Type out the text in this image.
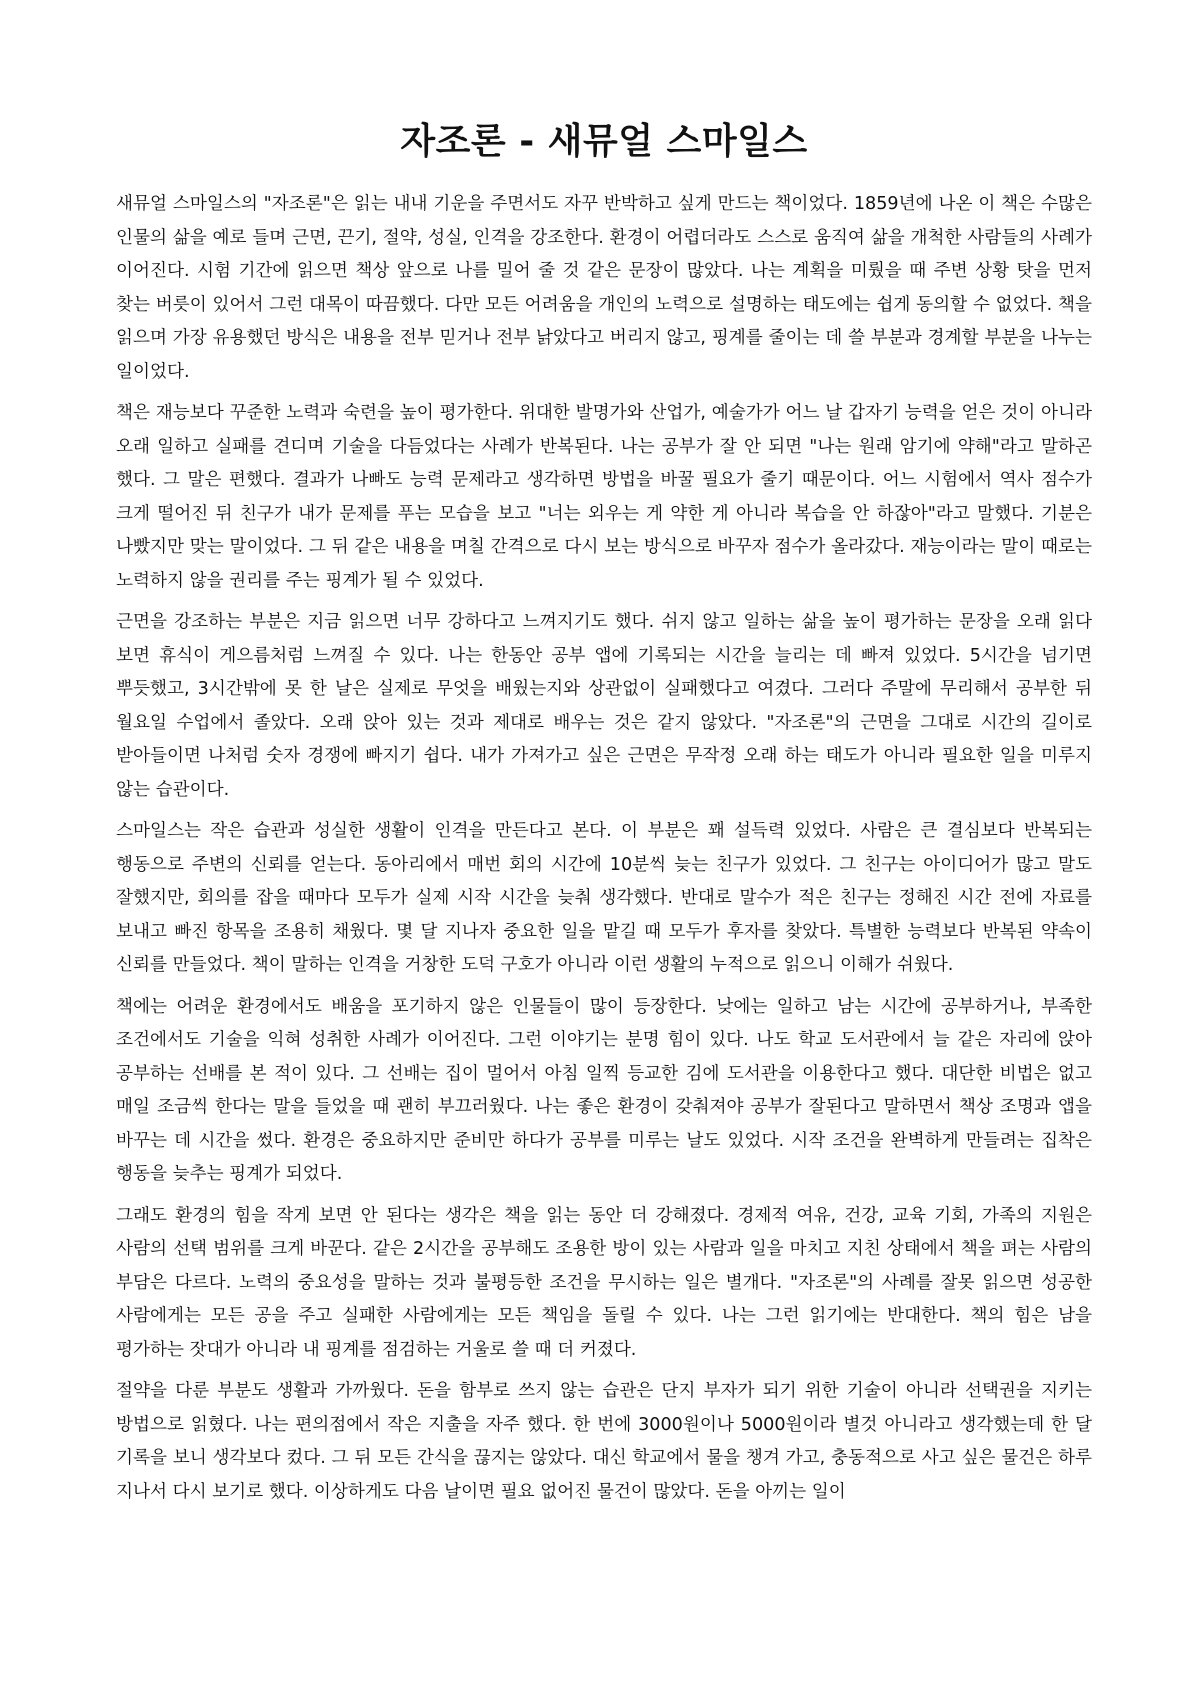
자조론 - 새뮤얼 스마일스

새뮤얼 스마일스의 "자조론"은 읽는 내내 기운을 주면서도 자꾸 반박하고 싶게 만드는 책이었다. 1859년에 나온 이 책은 수많은 인물의 삶을 예로 들며 근면, 끈기, 절약, 성실, 인격을 강조한다. 환경이 어렵더라도 스스로 움직여 삶을 개척한 사람들의 사례가 이어진다. 시험 기간에 읽으면 책상 앞으로 나를 밀어 줄 것 같은 문장이 많았다. 나는 계획을 미뤘을 때 주변 상황 탓을 먼저 찾는 버릇이 있어서 그런 대목이 따끔했다. 다만 모든 어려움을 개인의 노력으로 설명하는 태도에는 쉽게 동의할 수 없었다. 책을 읽으며 가장 유용했던 방식은 내용을 전부 믿거나 전부 낡았다고 버리지 않고, 핑계를 줄이는 데 쓸 부분과 경계할 부분을 나누는 일이었다.

책은 재능보다 꾸준한 노력과 숙련을 높이 평가한다. 위대한 발명가와 산업가, 예술가가 어느 날 갑자기 능력을 얻은 것이 아니라 오래 일하고 실패를 견디며 기술을 다듬었다는 사례가 반복된다. 나는 공부가 잘 안 되면 "나는 원래 암기에 약해"라고 말하곤 했다. 그 말은 편했다. 결과가 나빠도 능력 문제라고 생각하면 방법을 바꿀 필요가 줄기 때문이다. 어느 시험에서 역사 점수가 크게 떨어진 뒤 친구가 내가 문제를 푸는 모습을 보고 "너는 외우는 게 약한 게 아니라 복습을 안 하잖아"라고 말했다. 기분은 나빴지만 맞는 말이었다. 그 뒤 같은 내용을 며칠 간격으로 다시 보는 방식으로 바꾸자 점수가 올라갔다. 재능이라는 말이 때로는 노력하지 않을 권리를 주는 핑계가 될 수 있었다.

근면을 강조하는 부분은 지금 읽으면 너무 강하다고 느껴지기도 했다. 쉬지 않고 일하는 삶을 높이 평가하는 문장을 오래 읽다 보면 휴식이 게으름처럼 느껴질 수 있다. 나는 한동안 공부 앱에 기록되는 시간을 늘리는 데 빠져 있었다. 5시간을 넘기면 뿌듯했고, 3시간밖에 못 한 날은 실제로 무엇을 배웠는지와 상관없이 실패했다고 여겼다. 그러다 주말에 무리해서 공부한 뒤 월요일 수업에서 졸았다. 오래 앉아 있는 것과 제대로 배우는 것은 같지 않았다. "자조론"의 근면을 그대로 시간의 길이로 받아들이면 나처럼 숫자 경쟁에 빠지기 쉽다. 내가 가져가고 싶은 근면은 무작정 오래 하는 태도가 아니라 필요한 일을 미루지 않는 습관이다.

스마일스는 작은 습관과 성실한 생활이 인격을 만든다고 본다. 이 부분은 꽤 설득력 있었다. 사람은 큰 결심보다 반복되는 행동으로 주변의 신뢰를 얻는다. 동아리에서 매번 회의 시간에 10분씩 늦는 친구가 있었다. 그 친구는 아이디어가 많고 말도 잘했지만, 회의를 잡을 때마다 모두가 실제 시작 시간을 늦춰 생각했다. 반대로 말수가 적은 친구는 정해진 시간 전에 자료를 보내고 빠진 항목을 조용히 채웠다. 몇 달 지나자 중요한 일을 맡길 때 모두가 후자를 찾았다. 특별한 능력보다 반복된 약속이 신뢰를 만들었다. 책이 말하는 인격을 거창한 도덕 구호가 아니라 이런 생활의 누적으로 읽으니 이해가 쉬웠다.

책에는 어려운 환경에서도 배움을 포기하지 않은 인물들이 많이 등장한다. 낮에는 일하고 남는 시간에 공부하거나, 부족한 조건에서도 기술을 익혀 성취한 사례가 이어진다. 그런 이야기는 분명 힘이 있다. 나도 학교 도서관에서 늘 같은 자리에 앉아 공부하는 선배를 본 적이 있다. 그 선배는 집이 멀어서 아침 일찍 등교한 김에 도서관을 이용한다고 했다. 대단한 비법은 없고 매일 조금씩 한다는 말을 들었을 때 괜히 부끄러웠다. 나는 좋은 환경이 갖춰져야 공부가 잘된다고 말하면서 책상 조명과 앱을 바꾸는 데 시간을 썼다. 환경은 중요하지만 준비만 하다가 공부를 미루는 날도 있었다. 시작 조건을 완벽하게 만들려는 집착은 행동을 늦추는 핑계가 되었다.

그래도 환경의 힘을 작게 보면 안 된다는 생각은 책을 읽는 동안 더 강해졌다. 경제적 여유, 건강, 교육 기회, 가족의 지원은 사람의 선택 범위를 크게 바꾼다. 같은 2시간을 공부해도 조용한 방이 있는 사람과 일을 마치고 지친 상태에서 책을 펴는 사람의 부담은 다르다. 노력의 중요성을 말하는 것과 불평등한 조건을 무시하는 일은 별개다. "자조론"의 사례를 잘못 읽으면 성공한 사람에게는 모든 공을 주고 실패한 사람에게는 모든 책임을 돌릴 수 있다. 나는 그런 읽기에는 반대한다. 책의 힘은 남을 평가하는 잣대가 아니라 내 핑계를 점검하는 거울로 쓸 때 더 커졌다.

절약을 다룬 부분도 생활과 가까웠다. 돈을 함부로 쓰지 않는 습관은 단지 부자가 되기 위한 기술이 아니라 선택권을 지키는 방법으로 읽혔다. 나는 편의점에서 작은 지출을 자주 했다. 한 번에 3000원이나 5000원이라 별것 아니라고 생각했는데 한 달 기록을 보니 생각보다 컸다. 그 뒤 모든 간식을 끊지는 않았다. 대신 학교에서 물을 챙겨 가고, 충동적으로 사고 싶은 물건은 하루 지나서 다시 보기로 했다. 이상하게도 다음 날이면 필요 없어진 물건이 많았다. 돈을 아끼는 일이
